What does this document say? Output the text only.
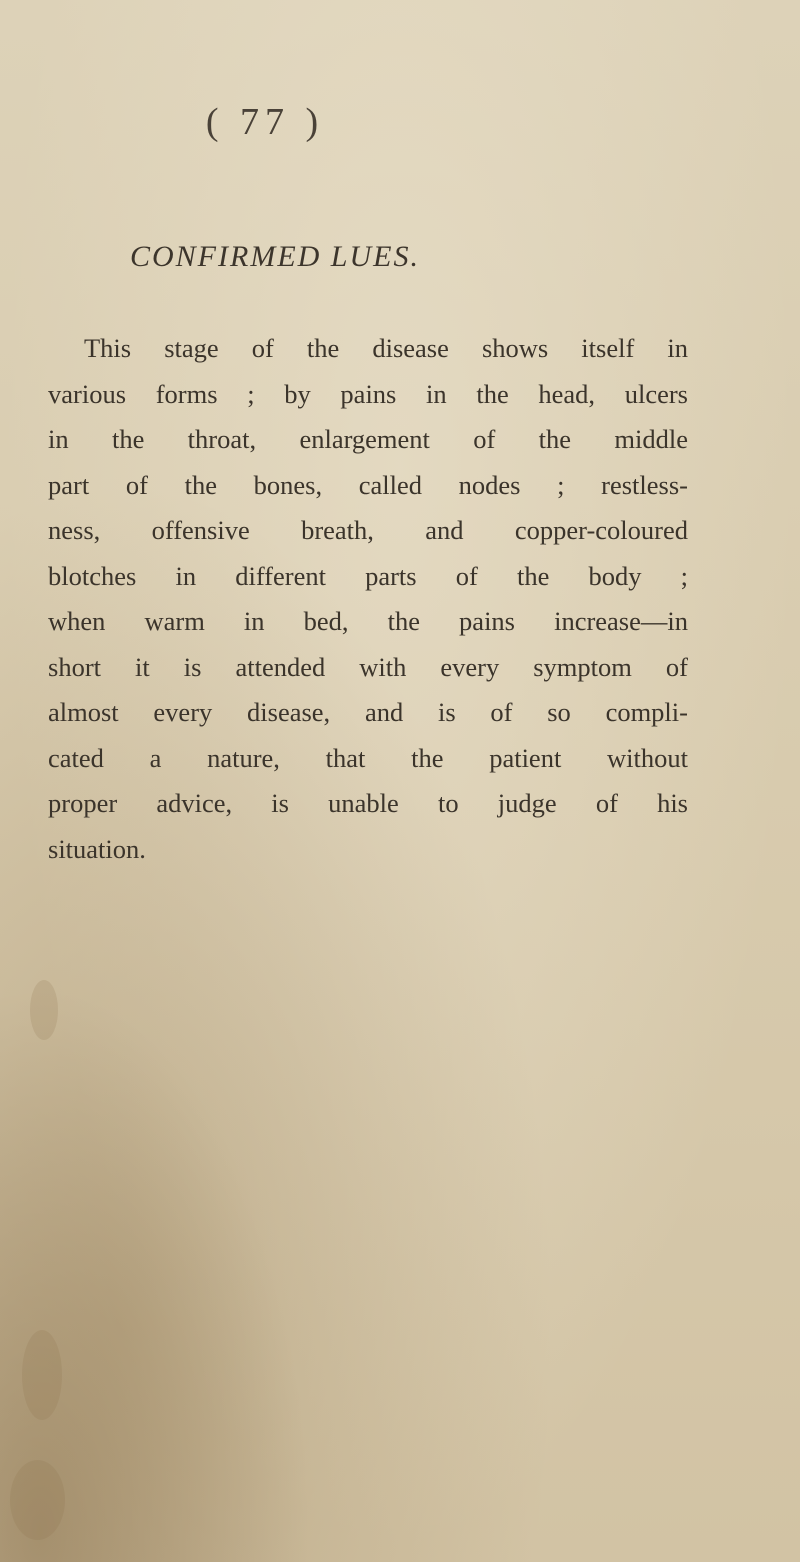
( 77 )
CONFIRMED LUES.
This stage of the disease shows itself in
various forms ; by pains in the head, ulcers
in the throat, enlargement of the middle
part of the bones, called nodes ; restless-
ness, offensive breath, and copper-coloured
blotches in different parts of the body ;
when warm in bed, the pains increase—in
short it is attended with every symptom of
almost every disease, and is of so compli-
cated a nature, that the patient without
proper advice, is unable to judge of his
situation.
